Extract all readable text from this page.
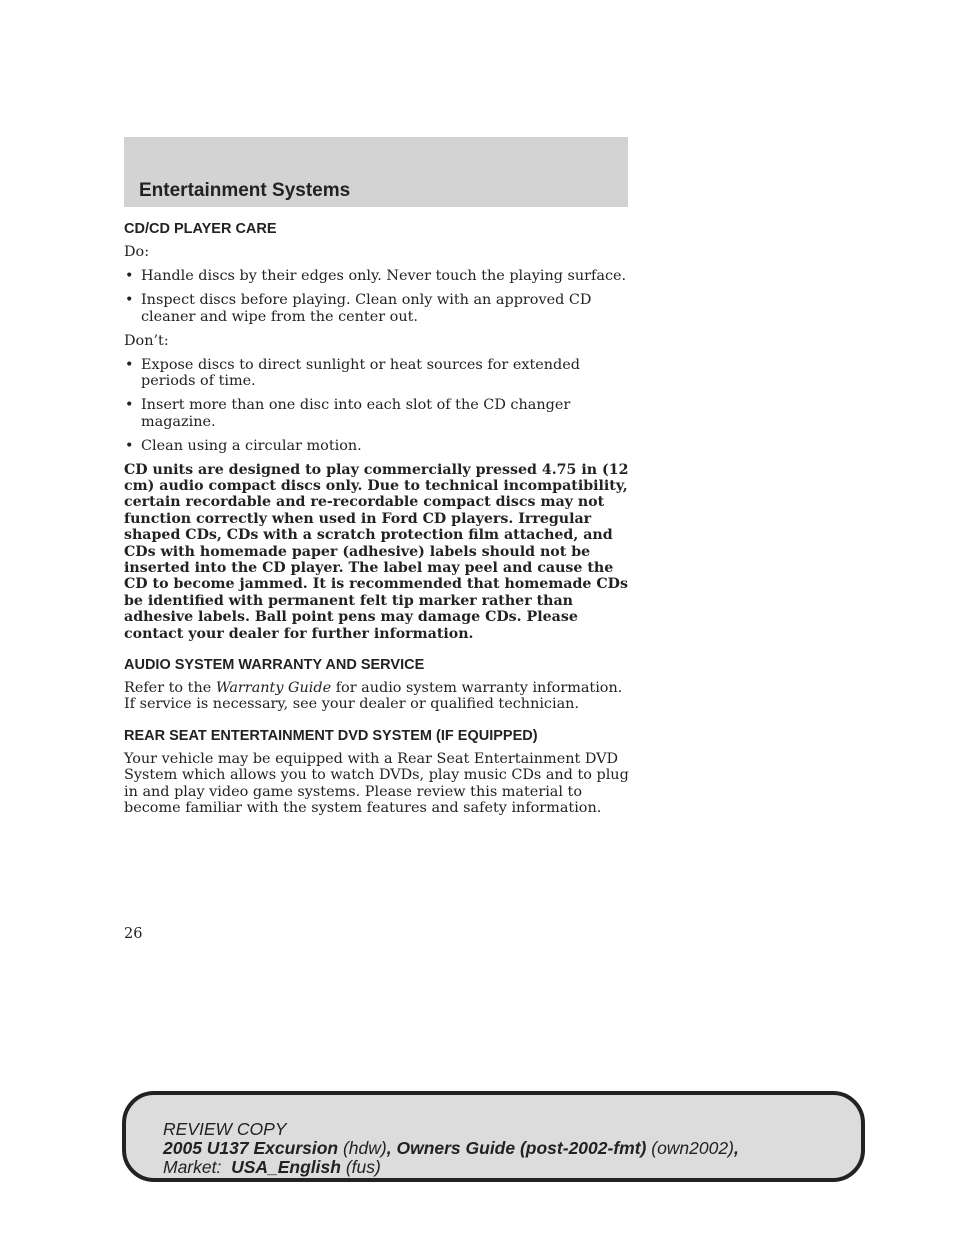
Entertainment Systems
CD/CD PLAYER CARE

Do:

• Handle discs by their edges only. Never touch the playing surface.
• Inspect discs before playing. Clean only with an approved CD cleaner and wipe from the center out.

Don’t:

• Expose discs to direct sunlight or heat sources for extended periods of time.
• Insert more than one disc into each slot of the CD changer magazine.
• Clean using a circular motion.

CD units are designed to play commercially pressed 4.75 in (12 cm) audio compact discs only. Due to technical incompatibility, certain recordable and re-recordable compact discs may not function correctly when used in Ford CD players. Irregular shaped CDs, CDs with a scratch protection film attached, and CDs with homemade paper (adhesive) labels should not be inserted into the CD player. The label may peel and cause the CD to become jammed. It is recommended that homemade CDs be identified with permanent felt tip marker rather than adhesive labels. Ball point pens may damage CDs. Please contact your dealer for further information.

AUDIO SYSTEM WARRANTY AND SERVICE

Refer to the Warranty Guide for audio system warranty information. If service is necessary, see your dealer or qualified technician.

REAR SEAT ENTERTAINMENT DVD SYSTEM (IF EQUIPPED)

Your vehicle may be equipped with a Rear Seat Entertainment DVD System which allows you to watch DVDs, play music CDs and to plug in and play video game systems. Please review this material to become familiar with the system features and safety information.

26
REVIEW COPY
2005 U137 Excursion (hdw), Owners Guide (post-2002-fmt) (own2002),
Market:  USA_English (fus)
